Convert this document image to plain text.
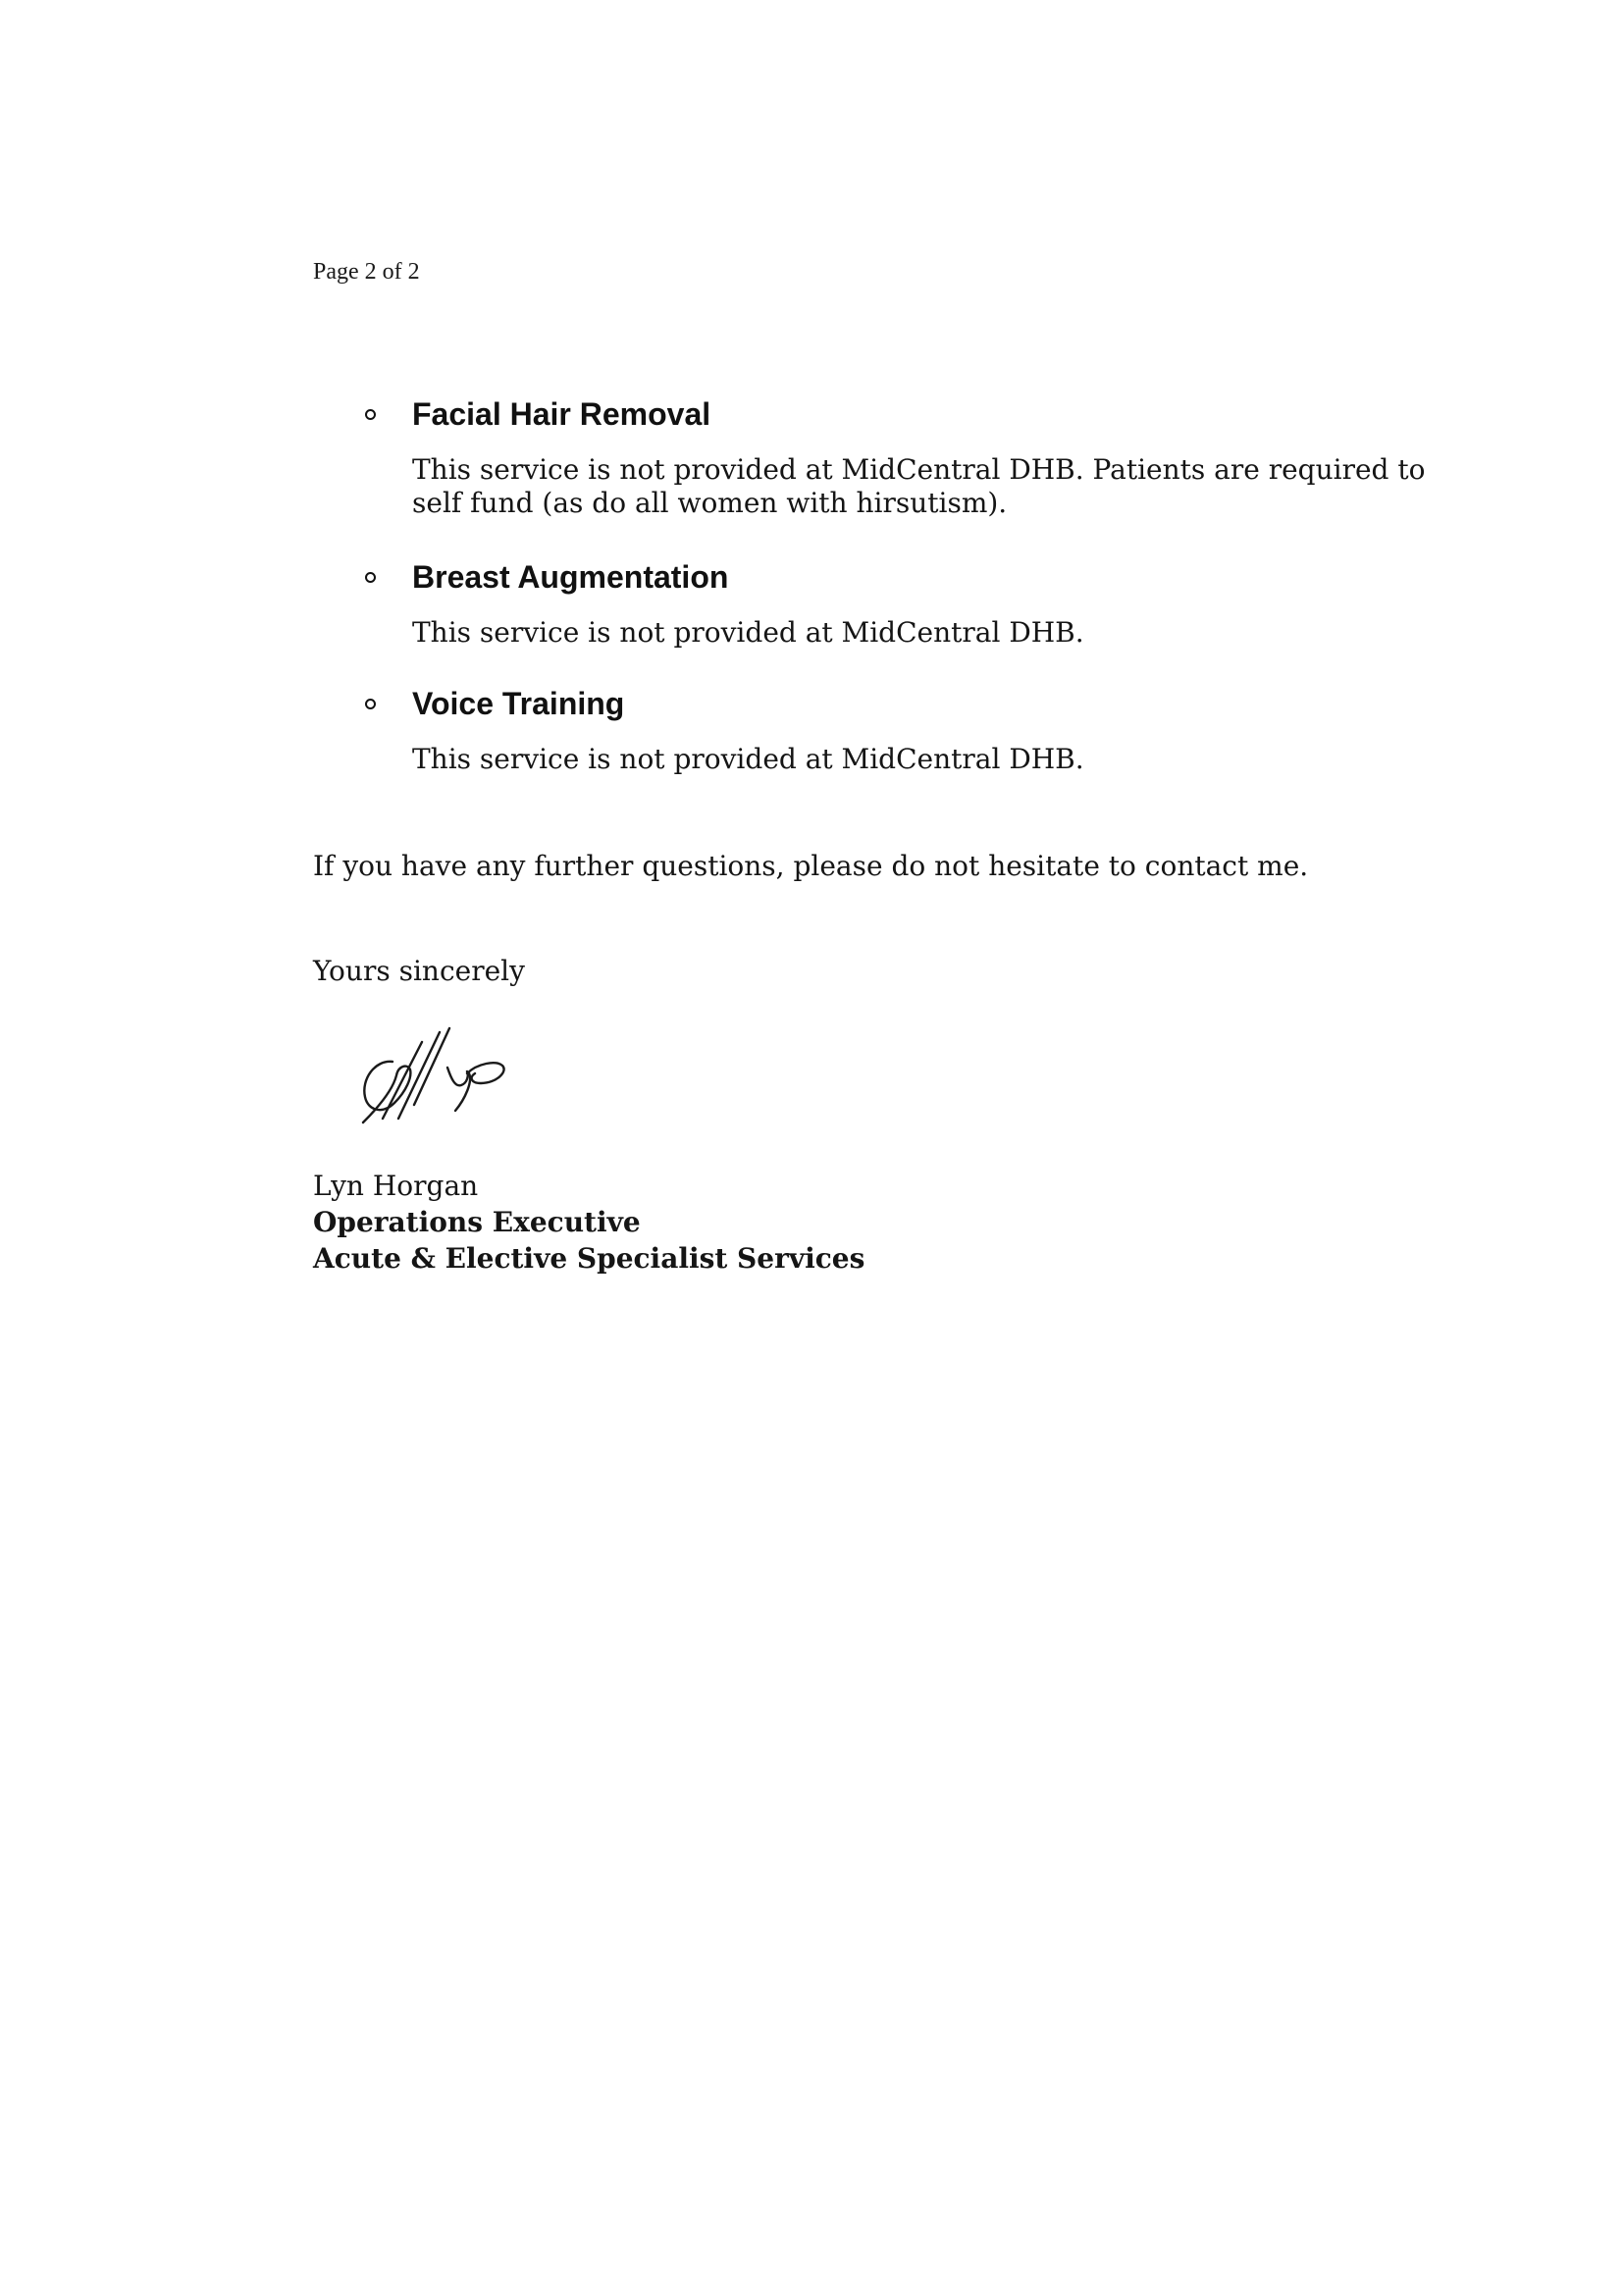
Page 2 of 2

Facial Hair Removal

This service is not provided at MidCentral DHB. Patients are required to self fund (as do all women with hirsutism).

Breast Augmentation

This service is not provided at MidCentral DHB.

Voice Training

This service is not provided at MidCentral DHB.

If you have any further questions, please do not hesitate to contact me.

Yours sincerely

Lyn Horgan

Operations Executive

Acute & Elective Specialist Services
